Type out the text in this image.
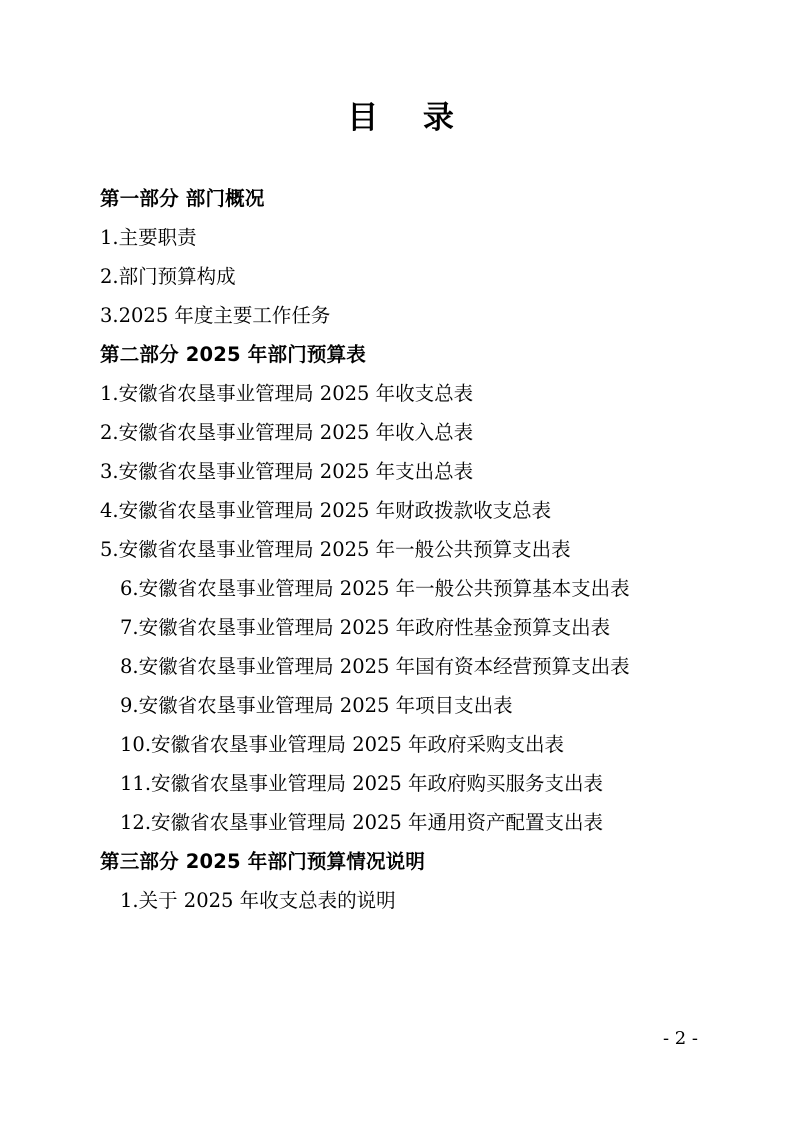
目　录
第一部分 部门概况
1.主要职责
2.部门预算构成
3.2025 年度主要工作任务
第二部分 2025 年部门预算表
1.安徽省农垦事业管理局 2025 年收支总表
2.安徽省农垦事业管理局 2025 年收入总表
3.安徽省农垦事业管理局 2025 年支出总表
4.安徽省农垦事业管理局 2025 年财政拨款收支总表
5.安徽省农垦事业管理局 2025 年一般公共预算支出表
6.安徽省农垦事业管理局 2025 年一般公共预算基本支出表
7.安徽省农垦事业管理局 2025 年政府性基金预算支出表
8.安徽省农垦事业管理局 2025 年国有资本经营预算支出表
9.安徽省农垦事业管理局 2025 年项目支出表
10.安徽省农垦事业管理局 2025 年政府采购支出表
11.安徽省农垦事业管理局 2025 年政府购买服务支出表
12.安徽省农垦事业管理局 2025 年通用资产配置支出表
第三部分 2025 年部门预算情况说明
1.关于 2025 年收支总表的说明
- 2 -
